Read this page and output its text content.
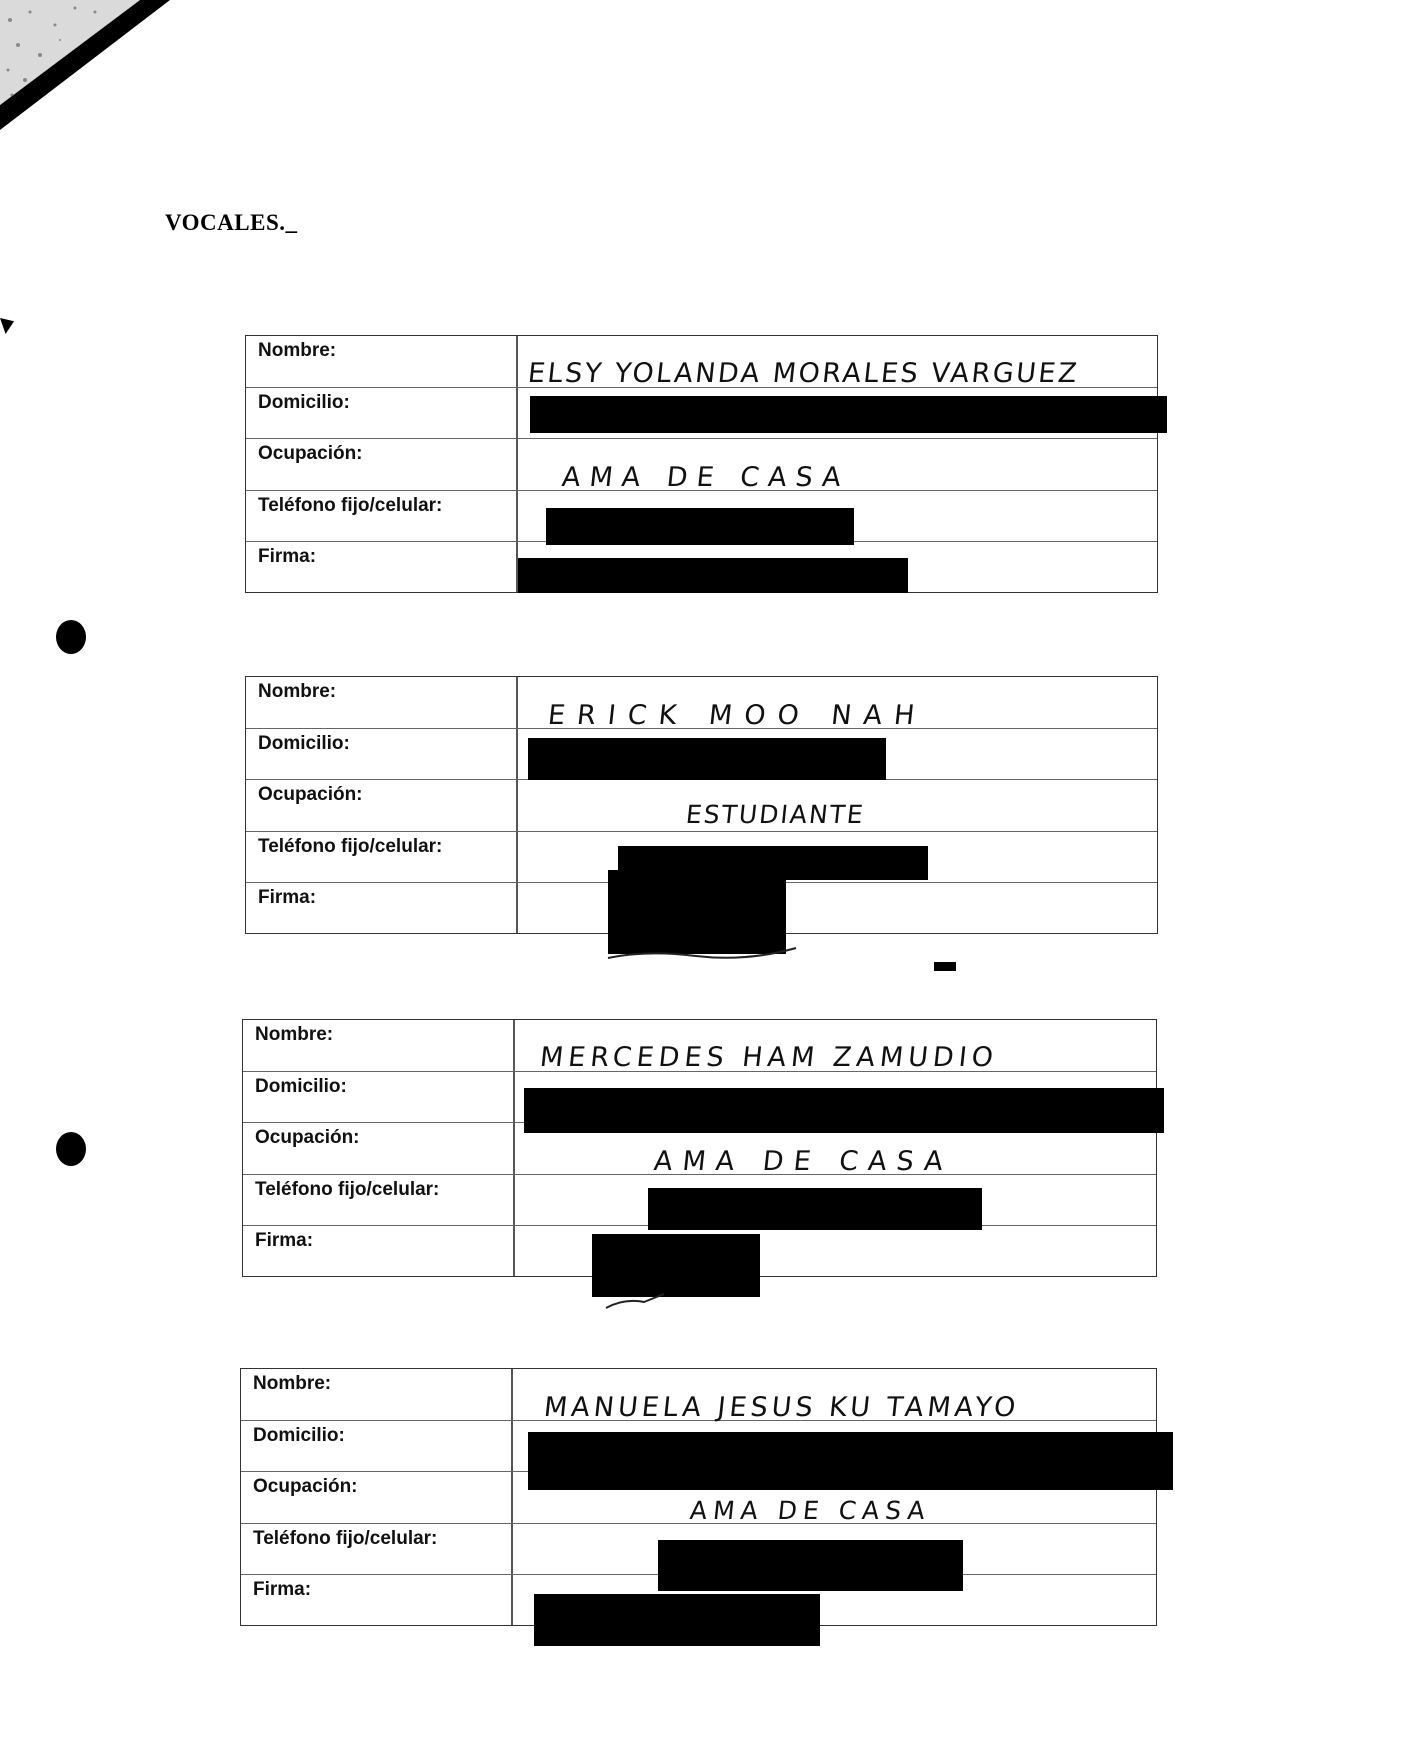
VOCALES._
Nombre:
Domicilio:
Ocupación:
Teléfono fijo/celular:
Firma:
ELSY YOLANDA MORALES VARGUEZ
AMA DE CASA
Nombre:
Domicilio:
Ocupación:
Teléfono fijo/celular:
Firma:
ERICK MOO NAH
ESTUDIANTE
Nombre:
Domicilio:
Ocupación:
Teléfono fijo/celular:
Firma:
MERCEDES HAM ZAMUDIO
AMA DE CASA
Nombre:
Domicilio:
Ocupación:
Teléfono fijo/celular:
Firma:
MANUELA JESUS KU TAMAYO
AMA DE CASA
